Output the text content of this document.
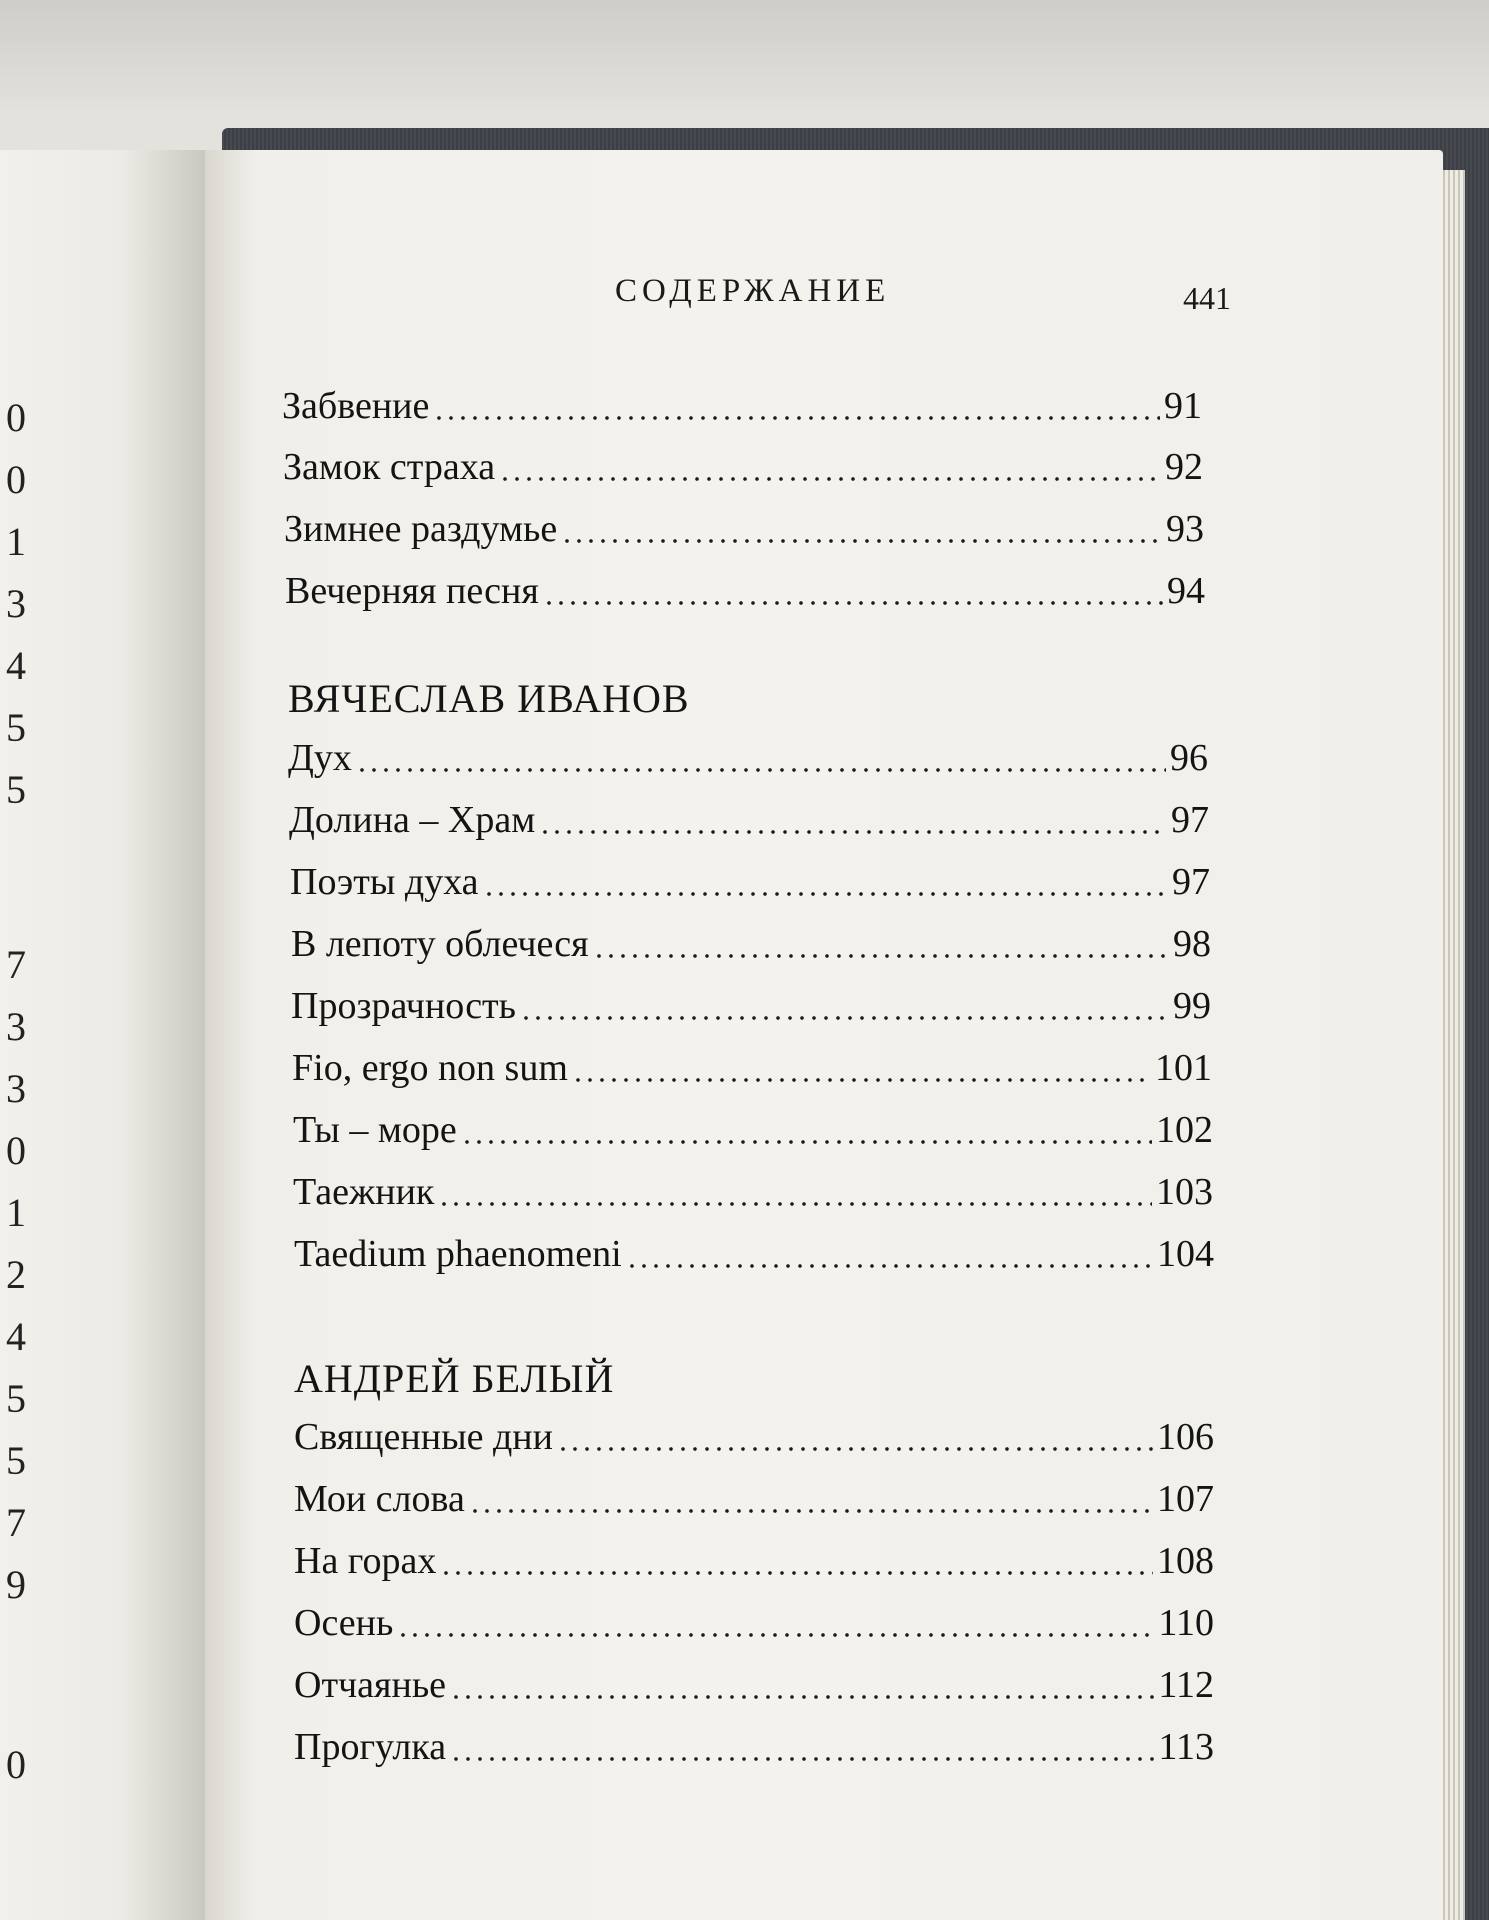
0
0
1
3
4
5
5
7
3
3
0
1
2
4
5
5
7
9
0
СОДЕРЖАНИЕ	441
Забвение	91
Замок страха	92
Зимнее раздумье	93
Вечерняя песня	94
ВЯЧЕСЛАВ ИВАНОВ
Дух	96
Долина – Храм	97
Поэты духа	97
В лепоту облечеся	98
Прозрачность	99
Fio, ergo non sum	101
Ты – море	102
Таежник	103
Taedium phaenomeni	104
АНДРЕЙ БЕЛЫЙ
Священные дни	106
Мои слова	107
На горах	108
Осень	110
Отчаянье	112
Прогулка	113
